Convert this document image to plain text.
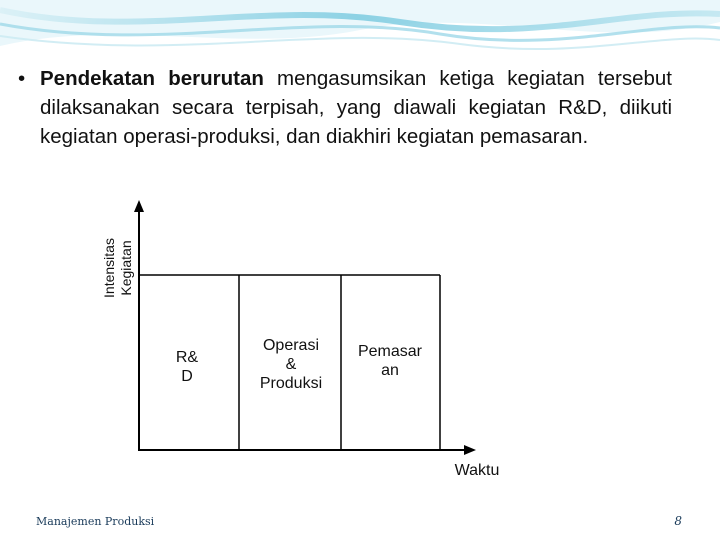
• Pendekatan berurutan mengasumsikan ketiga kegiatan tersebut dilaksanakan secara terpisah, yang diawali kegiatan R&D, diikuti kegiatan operasi-produksi, dan diakhiri kegiatan pemasaran.
Intensitas Kegiatan
R&
D
Operasi
&
Produksi
Pemasar
an
Waktu
Manajemen Produksi	8
